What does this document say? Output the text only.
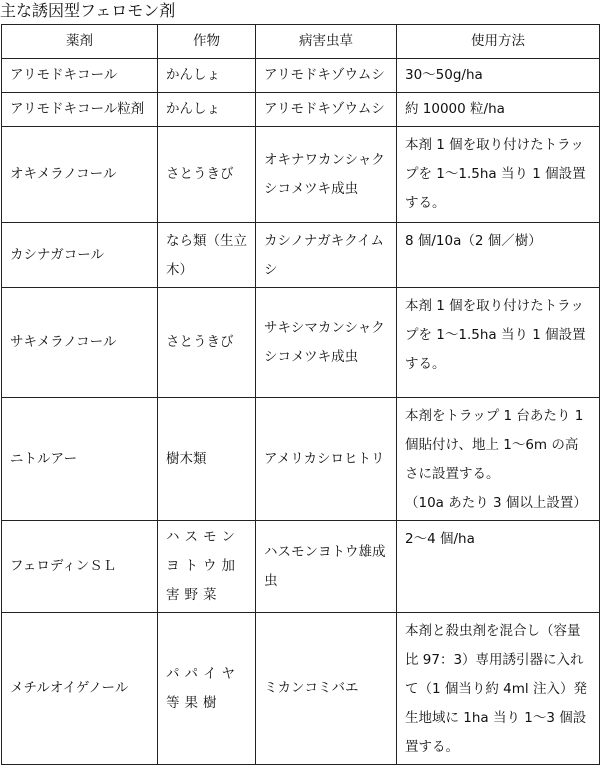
主な誘因型フェロモン剤
薬剤	作物	病害虫草	使用方法
アリモドキコール	かんしょ	アリモドキゾウムシ	30～50g/ha
アリモドキコール粒剤	かんしょ	アリモドキゾウムシ	約 10000 粒/ha
オキメラノコール	さとうきび	オキナワカンシャクシコメツキ成虫	本剤 1 個を取り付けたトラップを 1～1.5ha 当り 1 個設置する。
カシナガコール	なら類（生立木）	カシノナガキクイムシ	8 個/10a（2 個／樹）
サキメラノコール	さとうきび	サキシマカンシャクシコメツキ成虫	本剤 1 個を取り付けたトラップを 1～1.5ha 当り 1 個設置する。
ニトルアー	樹木類	アメリカシロヒトリ	本剤をトラップ 1 台あたり 1 個貼付け、地上 1～6m の高さに設置する。
（10a あたり 3 個以上設置）

フェロディンＳＬ	ハスモンヨトウ加害野菜	ハスモンヨトウ雄成虫	2～4 個/ha
メチルオイゲノール	パパイヤ等果樹	ミカンコミバエ	本剤と殺虫剤を混合し（容量比 97：3）専用誘引器に入れて（1 個当り約 4ml 注入）発生地域に 1ha 当り 1～3 個設置する。
